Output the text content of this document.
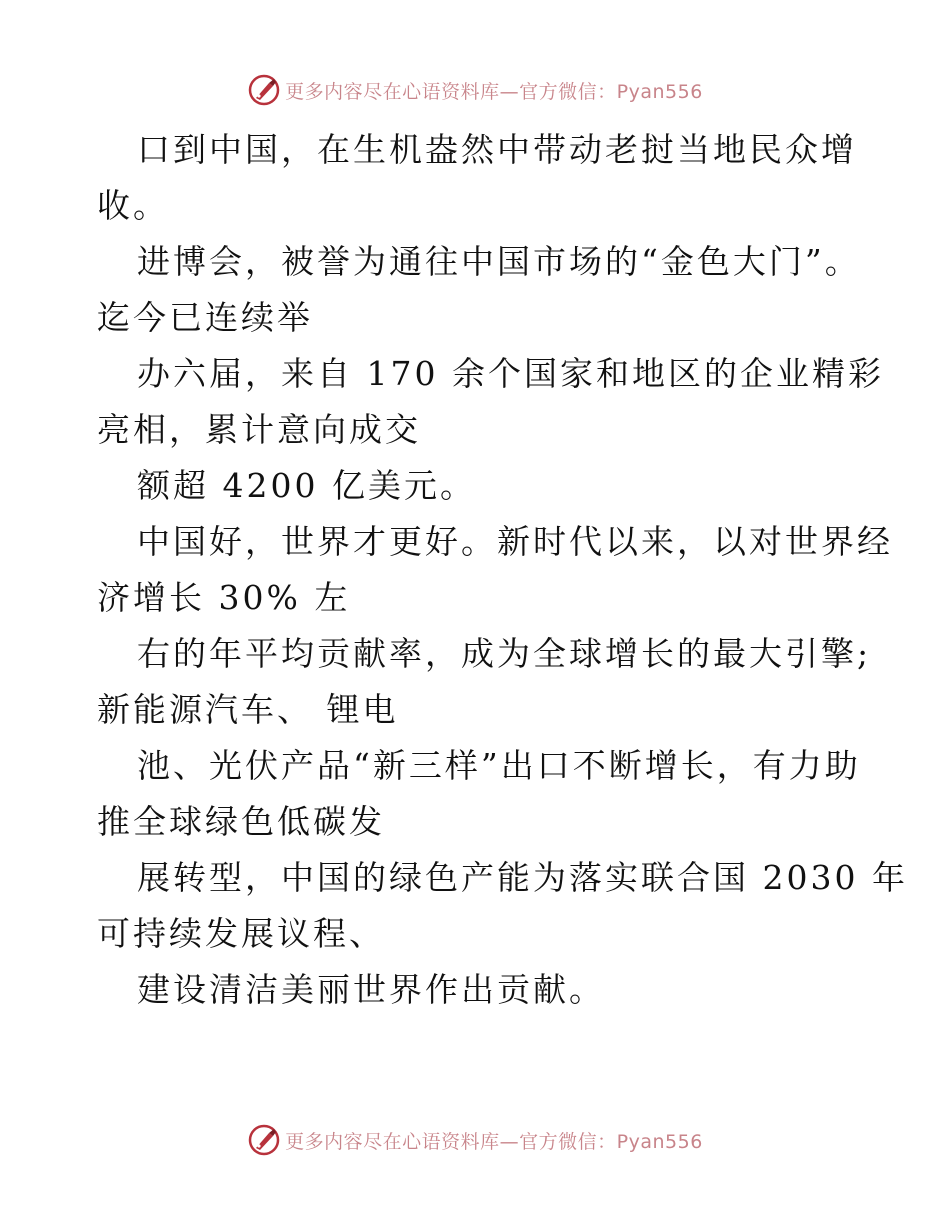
更多内容尽在心语资料库—官方微信：Pyan556
口到中国，在生机盎然中带动老挝当地民众增
收。
进博会，被誉为通往中国市场的“金色大门”。
迄今已连续举
办六届，来自 170 余个国家和地区的企业精彩
亮相，累计意向成交
额超 4200 亿美元。
中国好，世界才更好。新时代以来，以对世界经
济增长 30% 左
右的年平均贡献率，成为全球增长的最大引擎;
新能源汽车、 锂电
池、光伏产品“新三样”出口不断增长，有力助
推全球绿色低碳发
展转型，中国的绿色产能为落实联合国 2030 年
可持续发展议程、
建设清洁美丽世界作出贡献。
更多内容尽在心语资料库—官方微信：Pyan556
